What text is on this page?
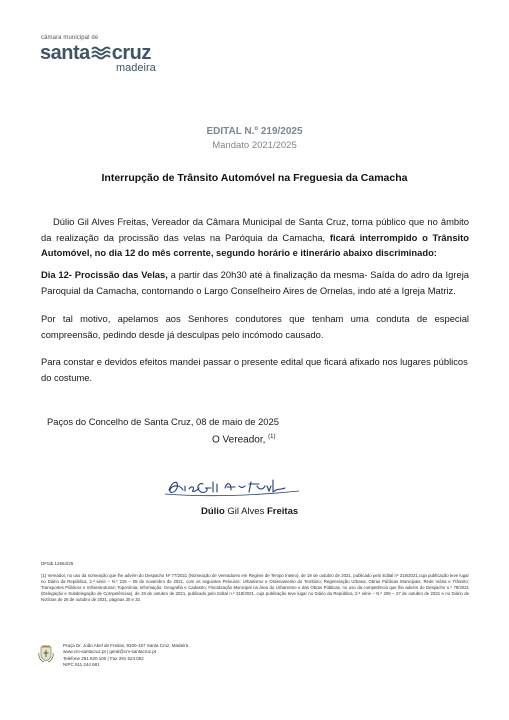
câmara municipal de
santa cruz
madeira
EDITAL N.º 219/2025
Mandato 2021/2025
Interrupção de Trânsito Automóvel na Freguesia da Camacha
Dúlio Gil Alves Freitas, Vereador da Câmara Municipal de Santa Cruz, torna público que no âmbito da realização da procissão das velas na Paróquia da Camacha, ficará interrompido o Trânsito Automóvel, no dia 12 do mês corrente, segundo horário e itinerário abaixo discriminado:
Dia 12- Procissão das Velas, a partir das 20h30 até à finalização da mesma- Saída do adro da Igreja Paroquial da Camacha, contornando o Largo Conselheiro Aires de Ornelas, indo até a Igreja Matriz.
Por tal motivo, apelamos aos Senhores condutores que tenham uma conduta de especial compreensão, pedindo desde já desculpas pelo incómodo causado.
Para constar e devidos efeitos mandei passar o presente edital que ficará afixado nos lugares públicos do costume.
Paços do Concelho de Santa Cruz, 08 de maio de 2025
O Vereador, $^{(1)}$
Dúlio Gil Alves Freitas
DF/ab.12664/25
(1) Vereador, no uso da nomeação que lhe advém do Despacho Nº 77/2021 (Nomeação de Vereadores em Regime de Tempo Inteiro), de 19 de outubro de 2021, publicado pelo Edital nº 316/2021,cuja publicação teve lugar no Diário da República, 2.ª série – N.º 215 – 05 de novembro de 2021, com os seguintes Pelouros: Urbanismo e Ordenamento do Território; Regeneração Urbana; Obras Públicas Municipais; Rede Viária e Trânsito; Transportes Públicos e Infraestruturas; Toponímia; Informação; Geografia e Cadastro; Fiscalização Municipal na área do Urbanismo e das Obras Públicas, no uso da competência que lhe advém do Despacho n.º 79/2021 (Delegação e Subdelegação de Competências), de 19 de outubro de 2021, publicado pelo Edital n.º 318/2021, cuja publicação teve lugar no Diário da República, 2.ª série – N.º 209 – 27 de outubro de 2021 e no Diário de Notícias de 26 de outubro de 2021, páginas 30 e 32.
Praça Dr. João Abel de Freitas, 9100-157 Santa Cruz, Madeira
www.cm-santacruz.pt | geral@cm-santacruz.pt
Telefone 291 520 100 | Fax 291 524 062
NIPC 511 244 681
